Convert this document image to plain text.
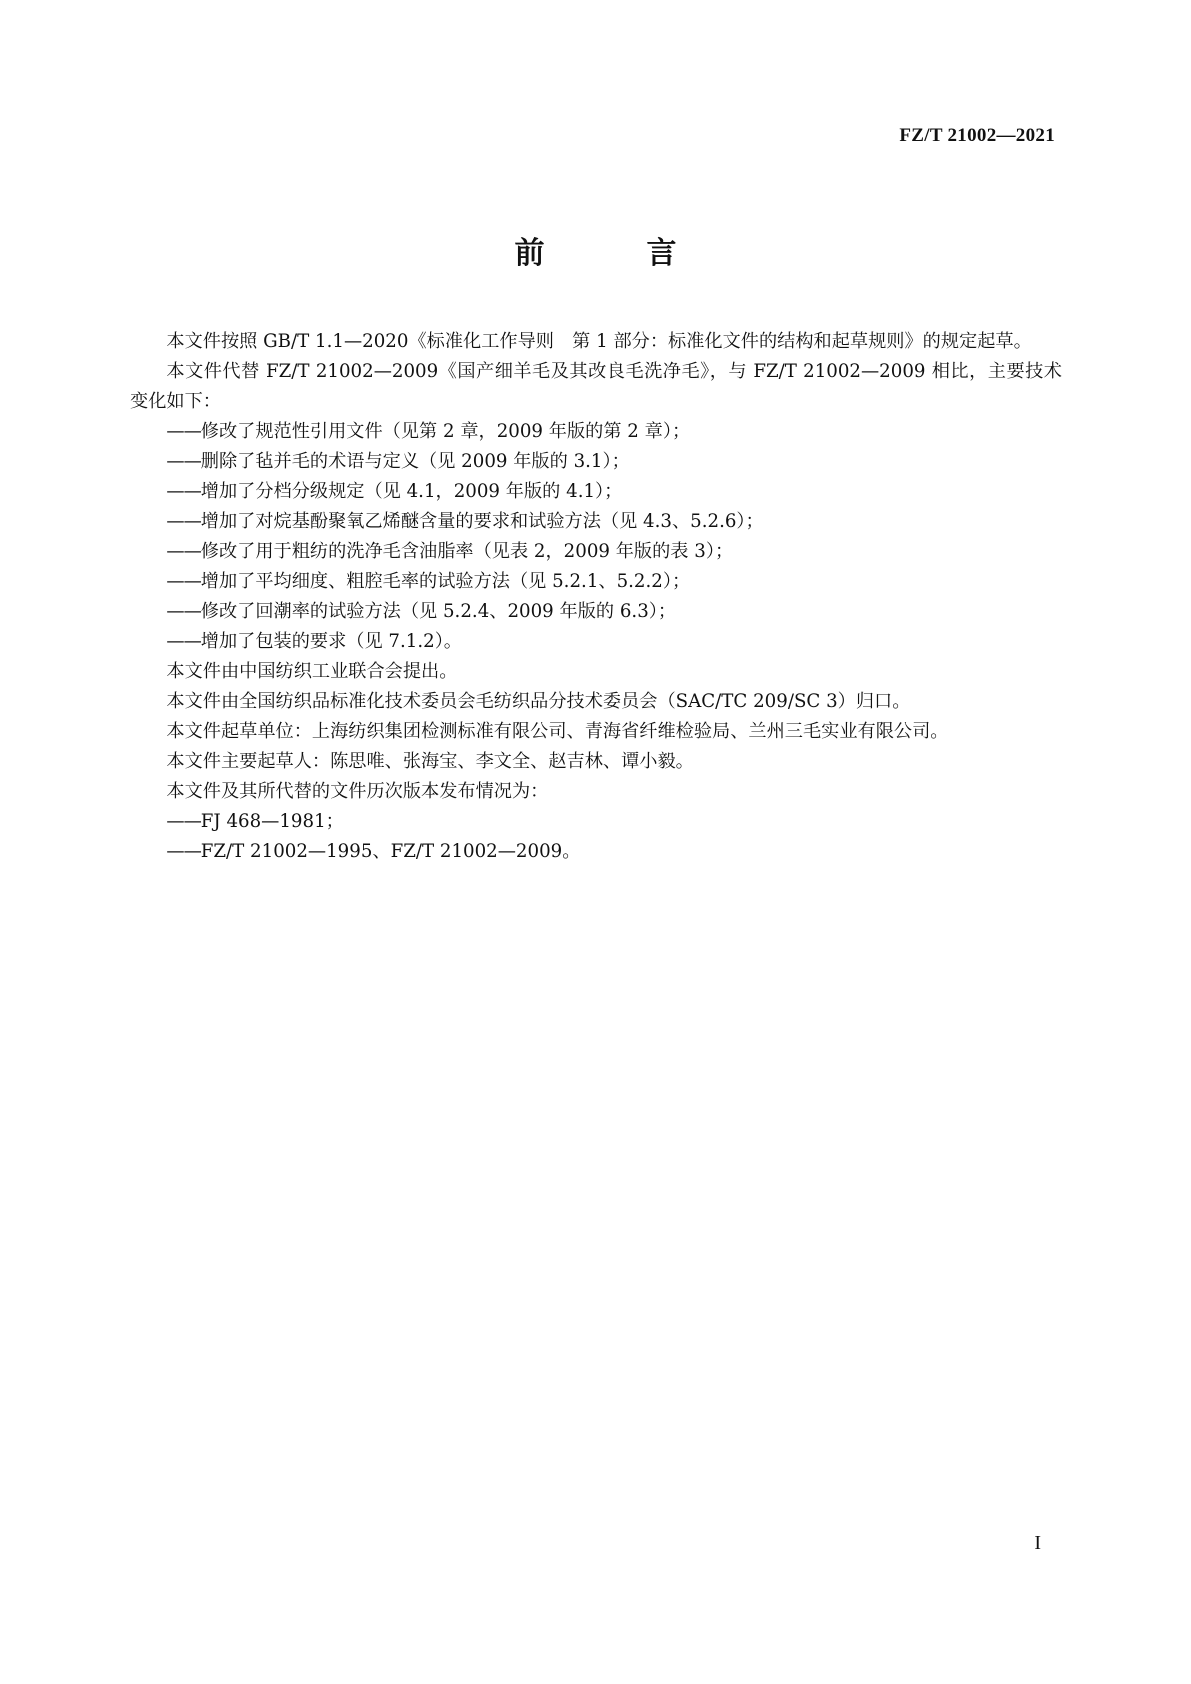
FZ/T 21002—2021
前　言

本文件按照 GB/T 1.1—2020《标准化工作导则　第 1 部分：标准化文件的结构和起草规则》的规定起草。

本文件代替 FZ/T 21002—2009《国产细羊毛及其改良毛洗净毛》，与 FZ/T 21002—2009 相比，主要技术变化如下：

——修改了规范性引用文件（见第 2 章，2009 年版的第 2 章）；

——删除了毡并毛的术语与定义（见 2009 年版的 3.1）；

——增加了分档分级规定（见 4.1，2009 年版的 4.1）；

——增加了对烷基酚聚氧乙烯醚含量的要求和试验方法（见 4.3、5.2.6）；

——修改了用于粗纺的洗净毛含油脂率（见表 2，2009 年版的表 3）；

——增加了平均细度、粗腔毛率的试验方法（见 5.2.1、5.2.2）；

——修改了回潮率的试验方法（见 5.2.4、2009 年版的 6.3）；

——增加了包装的要求（见 7.1.2）。

本文件由中国纺织工业联合会提出。

本文件由全国纺织品标准化技术委员会毛纺织品分技术委员会（SAC/TC 209/SC 3）归口。

本文件起草单位：上海纺织集团检测标准有限公司、青海省纤维检验局、兰州三毛实业有限公司。

本文件主要起草人：陈思唯、张海宝、李文全、赵吉林、谭小毅。

本文件及其所代替的文件历次版本发布情况为：

——FJ 468—1981；

——FZ/T 21002—1995、FZ/T 21002—2009。

I
